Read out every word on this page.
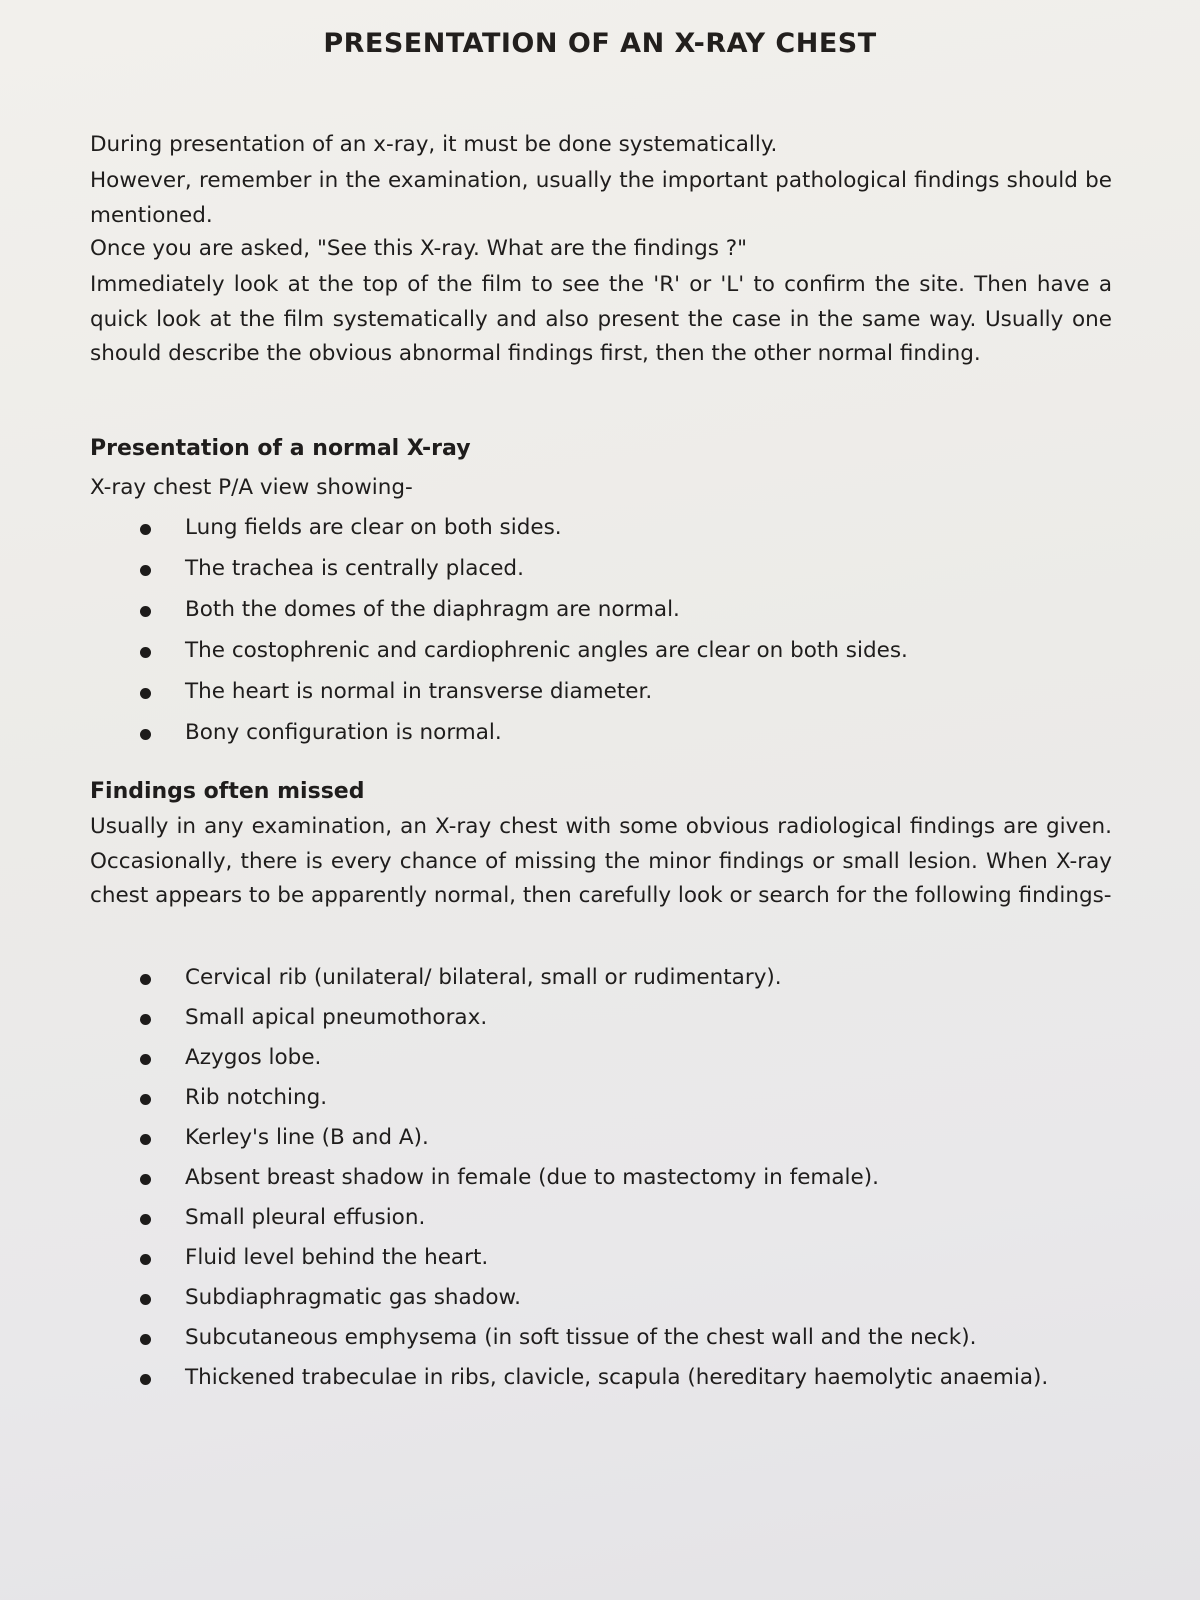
PRESENTATION OF AN X-RAY CHEST
During presentation of an x-ray, it must be done systematically.
However, remember in the examination, usually the important pathological findings should be mentioned.
Once you are asked, "See this X-ray. What are the findings ?"
Immediately look at the top of the film to see the 'R' or 'L' to confirm the site. Then have a quick look at the film systematically and also present the case in the same way. Usually one should describe the obvious abnormal findings first, then the other normal finding.
Presentation of a normal X-ray
X-ray chest P/A view showing-
Lung fields are clear on both sides.
The trachea is centrally placed.
Both the domes of the diaphragm are normal.
The costophrenic and cardiophrenic angles are clear on both sides.
The heart is normal in transverse diameter.
Bony configuration is normal.
Findings often missed
Usually in any examination, an X-ray chest with some obvious radiological findings are given. Occasionally, there is every chance of missing the minor findings or small lesion. When X-ray chest appears to be apparently normal, then carefully look or search for the following findings-
Cervical rib (unilateral/ bilateral, small or rudimentary).
Small apical pneumothorax.
Azygos lobe.
Rib notching.
Kerley's line (B and A).
Absent breast shadow in female (due to mastectomy in female).
Small pleural effusion.
Fluid level behind the heart.
Subdiaphragmatic gas shadow.
Subcutaneous emphysema (in soft tissue of the chest wall and the neck).
Thickened trabeculae in ribs, clavicle, scapula (hereditary haemolytic anaemia).
